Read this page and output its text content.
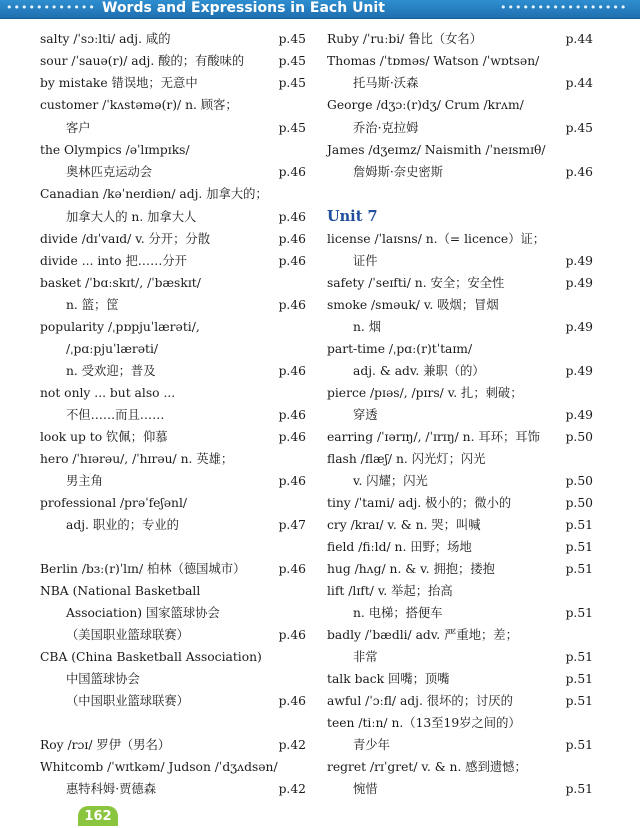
•••••••••••• Words and Expressions in Each Unit	•••••••••••••••••
salty /ˈsɔːlti/ adj. 咸的	p.45
sour /ˈsauə(r)/ adj. 酸的；有酸味的	p.45
by mistake 错误地；无意中	p.45
customer /ˈkʌstəmə(r)/ n. 顾客；
客户	p.45
the Olympics /əˈlɪmpɪks/
奥林匹克运动会	p.46
Canadian /kəˈneɪdiən/ adj. 加拿大的；
加拿大人的 n. 加拿大人	p.46
divide /dɪˈvaɪd/ v. 分开；分散	p.46
divide ... into 把……分开	p.46
basket /ˈbɑːskɪt/, /ˈbæskɪt/
n. 篮；筐	p.46
popularity /ˌpɒpjuˈlærəti/,
/ˌpɑːpjuˈlærəti/
n. 受欢迎；普及	p.46
not only ... but also ...
不但……而且……	p.46
look up to 钦佩；仰慕	p.46
hero /ˈhɪərəu/, /ˈhɪrəu/ n. 英雄；
男主角	p.46
professional /prəˈfeʃənl/
adj. 职业的；专业的	p.47
Berlin /bɜː(r)ˈlɪn/ 柏林（德国城市）	p.46
NBA (National Basketball
Association) 国家篮球协会
（美国职业篮球联赛）	p.46
CBA (China Basketball Association)
中国篮球协会
（中国职业篮球联赛）	p.46
Roy /rɔɪ/ 罗伊（男名）	p.42
Whitcomb /ˈwɪtkəm/ Judson /ˈdʒʌdsən/
惠特科姆·贾德森	p.42
Unit 7
Ruby /ˈruːbi/ 鲁比（女名）	p.44
Thomas /ˈtɒməs/ Watson /ˈwɒtsən/
托马斯·沃森	p.44
George /dʒɔː(r)dʒ/ Crum /krʌm/
乔治·克拉姆	p.45
James /dʒeɪmz/ Naismith /ˈneɪsmɪθ/
詹姆斯·奈史密斯	p.46
license /ˈlaɪsns/ n.（= licence）证；
证件	p.49
safety /ˈseɪfti/ n. 安全；安全性	p.49
smoke /sməuk/ v. 吸烟；冒烟
n. 烟	p.49
part-time /ˌpɑː(r)tˈtaɪm/
adj. & adv. 兼职（的）	p.49
pierce /pɪəs/, /pɪrs/ v. 扎；刺破；
穿透	p.49
earring /ˈɪərɪŋ/, /ˈɪrɪŋ/ n. 耳环；耳饰 p.50
flash /flæʃ/ n. 闪光灯；闪光
v. 闪耀；闪光	p.50
tiny /ˈtaɪni/ adj. 极小的；微小的	p.50
cry /kraɪ/ v. & n. 哭；叫喊	p.51
field /fiːld/ n. 田野；场地	p.51
hug /hʌg/ n. & v. 拥抱；搂抱	p.51
lift /lɪft/ v. 举起；抬高
n. 电梯；搭便车	p.51
badly /ˈbædli/ adv. 严重地；差；
非常	p.51
talk back 回嘴；顶嘴	p.51
awful /ˈɔːfl/ adj. 很坏的；讨厌的	p.51
teen /tiːn/ n.（13至19岁之间的）
青少年	p.51
regret /rɪˈgret/ v. & n. 感到遗憾；
惋惜	p.51
162
